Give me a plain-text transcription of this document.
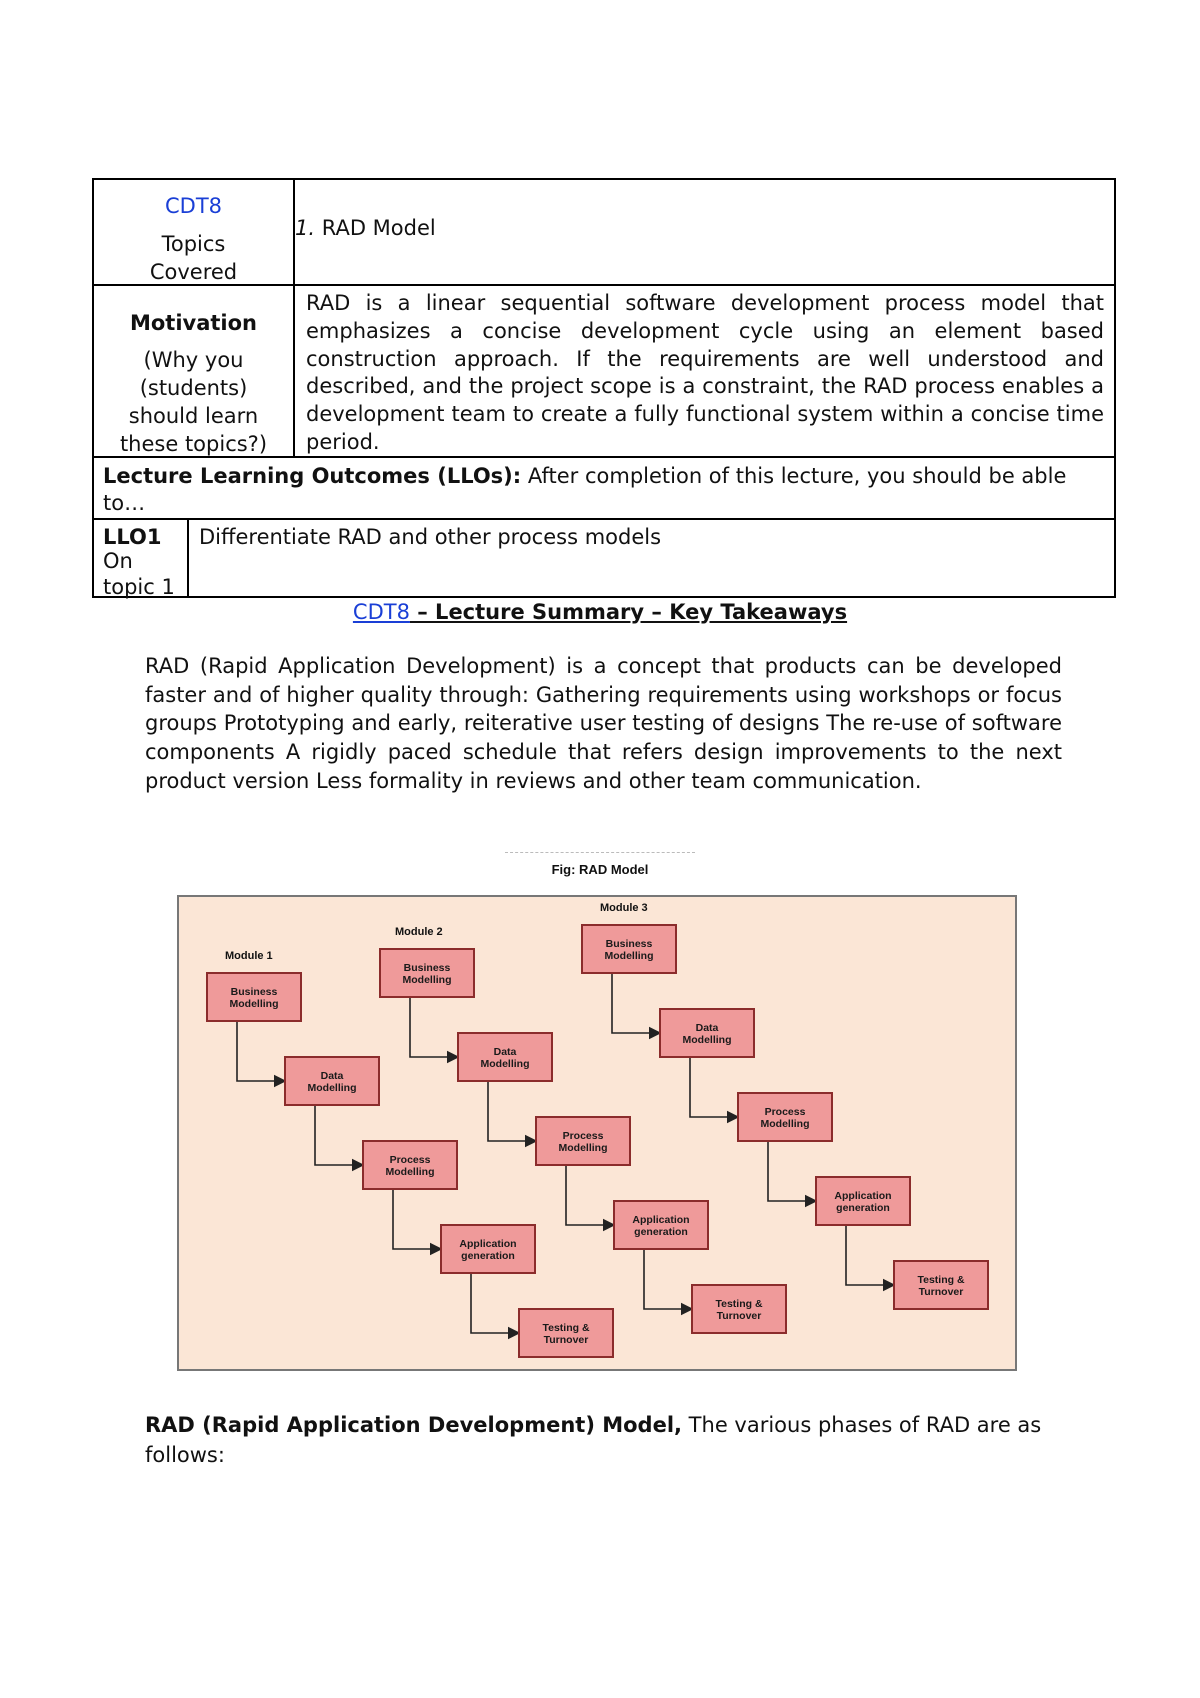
CDT8
Topics
Covered
1. RAD Model
Motivation
(Why you
(students)
should learn
these topics?)
RAD is a linear sequential software development process model that emphasizes a concise development cycle using an element based construction approach. If the requirements are well understood and described, and the project scope is a constraint, the RAD process enables a development team to create a fully functional system within a concise time period.
Lecture Learning Outcomes (LLOs): After completion of this lecture, you should be able to…
LLO1
On
topic 1
Differentiate RAD and other process models
CDT8 – Lecture Summary – Key Takeaways
RAD (Rapid Application Development) is a concept that products can be developed faster and of higher quality through: Gathering requirements using workshops or focus groups Prototyping and early, reiterative user testing of designs The re-use of software components A rigidly paced schedule that refers design improvements to the next product version Less formality in reviews and other team communication.
Fig: RAD Model
Module 1
Business Modelling
Data Modelling
Process Modelling
Application generation
Testing & Turnover
Module 2
Business Modelling
Data Modelling
Process Modelling
Application generation
Testing & Turnover
Module 3
Business Modelling
Data Modelling
Process Modelling
Application generation
Testing & Turnover
RAD (Rapid Application Development) Model, The various phases of RAD are as follows:
